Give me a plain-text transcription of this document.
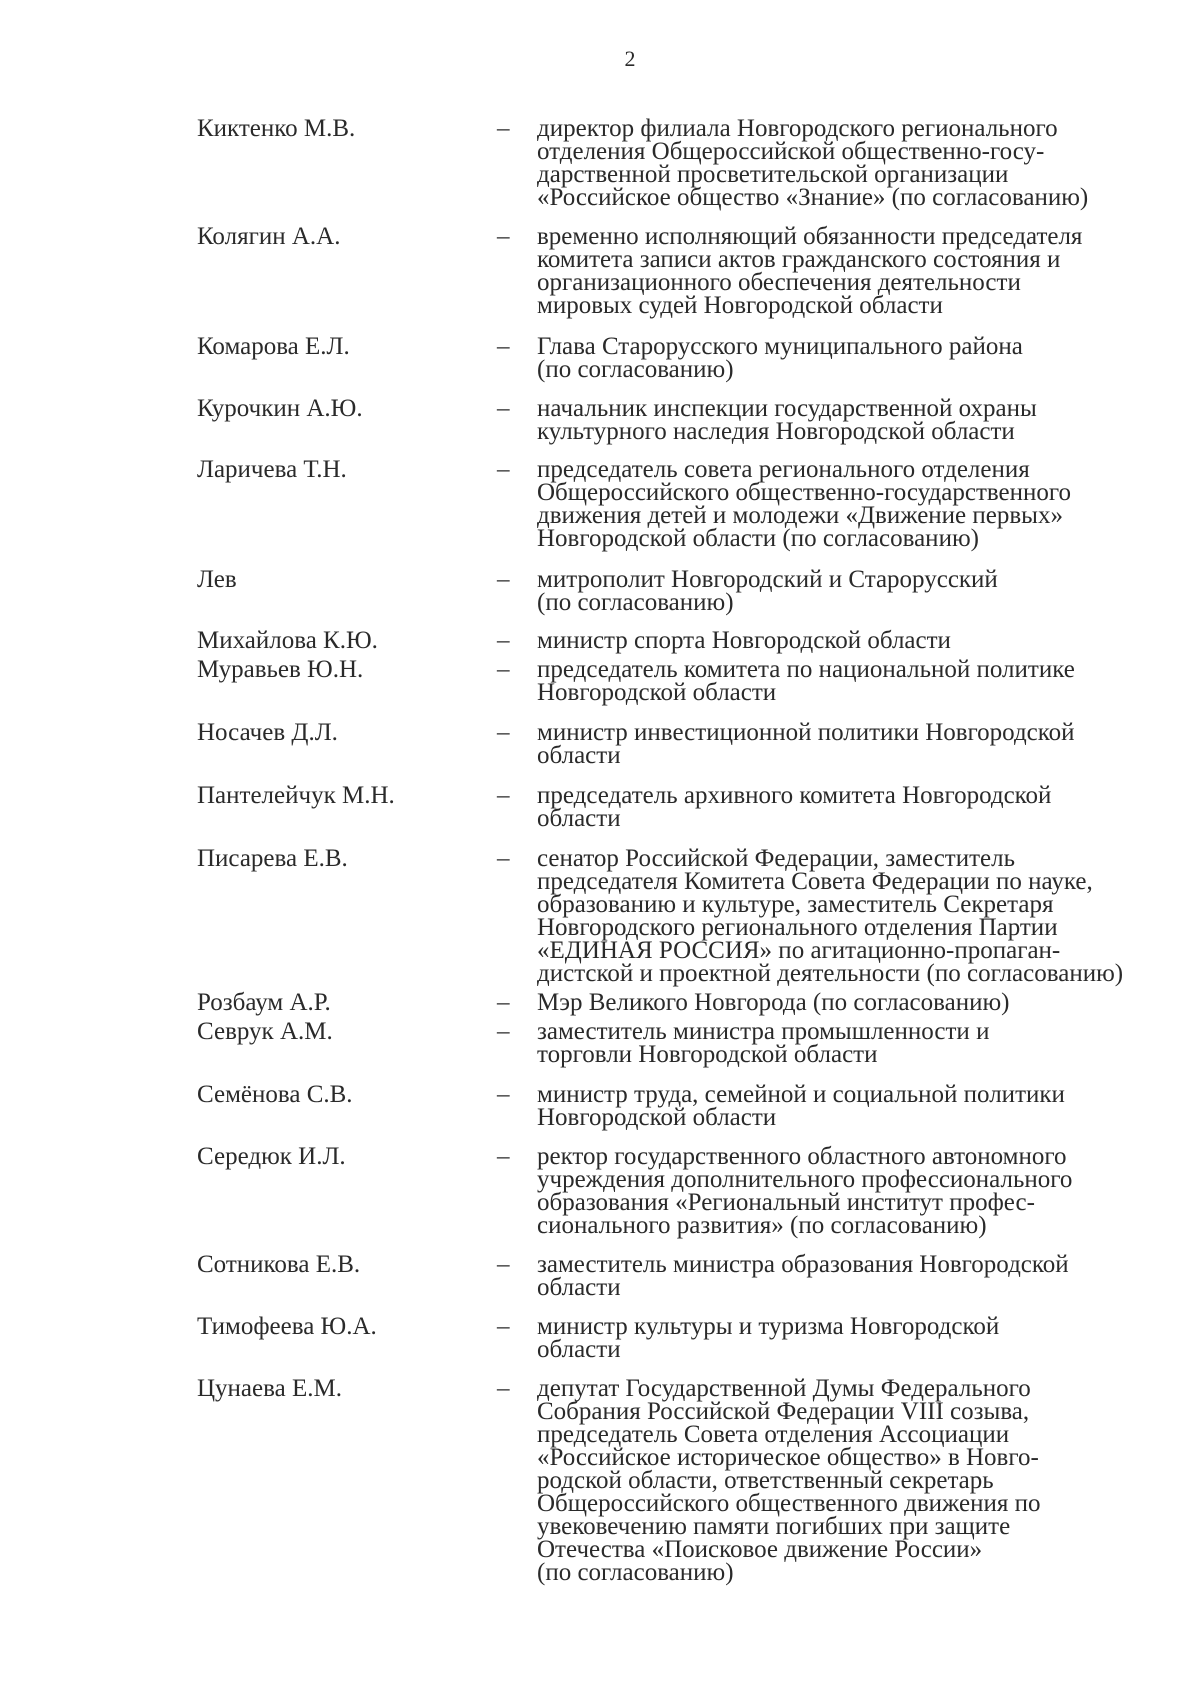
2
Киктенко М.В.	–	директор филиала Новгородского регионального
отделения Общероссийской общественно-госу-
дарственной просветительской организации
«Российское общество «Знание» (по согласованию)
Колягин А.А.	–	временно исполняющий обязанности председателя
комитета записи актов гражданского состояния и
организационного обеспечения деятельности
мировых судей Новгородской области
Комарова Е.Л.	–	Глава Старорусского муниципального района
(по согласованию)
Курочкин А.Ю.	–	начальник инспекции государственной охраны
культурного наследия Новгородской области
Ларичева Т.Н.	–	председатель совета регионального отделения
Общероссийского общественно-государственного
движения детей и молодежи «Движение первых»
Новгородской области (по согласованию)
Лев	–	митрополит Новгородский и Старорусский
(по согласованию)
Михайлова К.Ю.	–	министр спорта Новгородской области
Муравьев Ю.Н.	–	председатель комитета по национальной политике
Новгородской области
Носачев Д.Л.	–	министр инвестиционной политики Новгородской
области
Пантелейчук М.Н.	–	председатель архивного комитета Новгородской
области
Писарева Е.В.	–	сенатор Российской Федерации, заместитель
председателя Комитета Совета Федерации по науке,
образованию и культуре, заместитель Секретаря
Новгородского регионального отделения Партии
«ЕДИНАЯ РОССИЯ» по агитационно-пропаган-
дистской и проектной деятельности (по согласованию)
Розбаум А.Р.	–	Мэр Великого Новгорода (по согласованию)
Севрук А.М.	–	заместитель министра промышленности и
торговли Новгородской области
Семёнова С.В.	–	министр труда, семейной и социальной политики
Новгородской области
Середюк И.Л.	–	ректор государственного областного автономного
учреждения дополнительного профессионального
образования «Региональный институт профес-
сионального развития» (по согласованию)
Сотникова Е.В.	–	заместитель министра образования Новгородской
области
Тимофеева Ю.А.	–	министр культуры и туризма Новгородской
области
Цунаева Е.М.	–	депутат Государственной Думы Федерального
Собрания Российской Федерации VIII созыва,
председатель Совета отделения Ассоциации
«Российское историческое общество» в Новго-
родской области, ответственный секретарь
Общероссийского общественного движения по
увековечению памяти погибших при защите
Отечества «Поисковое движение России»
(по согласованию)
